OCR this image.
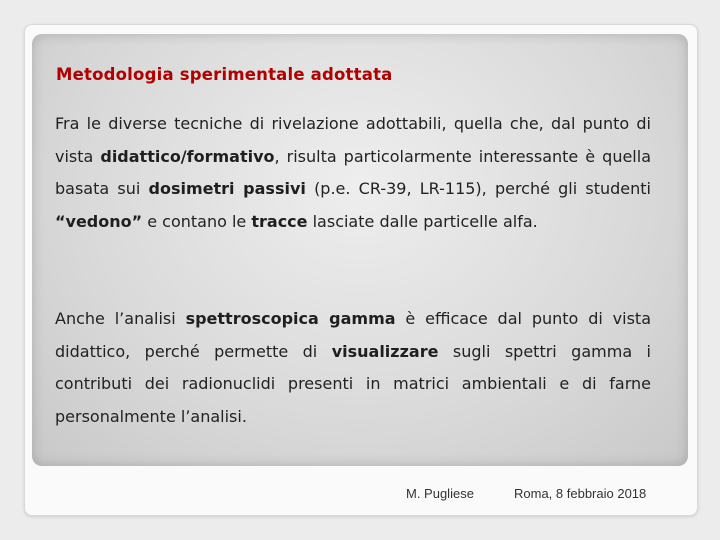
Metodologia sperimentale adottata

Fra le diverse tecniche di rivelazione adottabili, quella che, dal punto di vista didattico/formativo, risulta particolarmente interessante è quella basata sui dosimetri passivi (p.e. CR-39, LR-115), perché gli studenti “vedono” e contano le tracce lasciate dalle particelle alfa.

Anche l’analisi spettroscopica gamma è efficace dal punto di vista didattico, perché permette di visualizzare sugli spettri gamma i contributi dei radionuclidi presenti in matrici ambientali e di farne personalmente l’analisi.

M. Pugliese	Roma, 8 febbraio 2018
